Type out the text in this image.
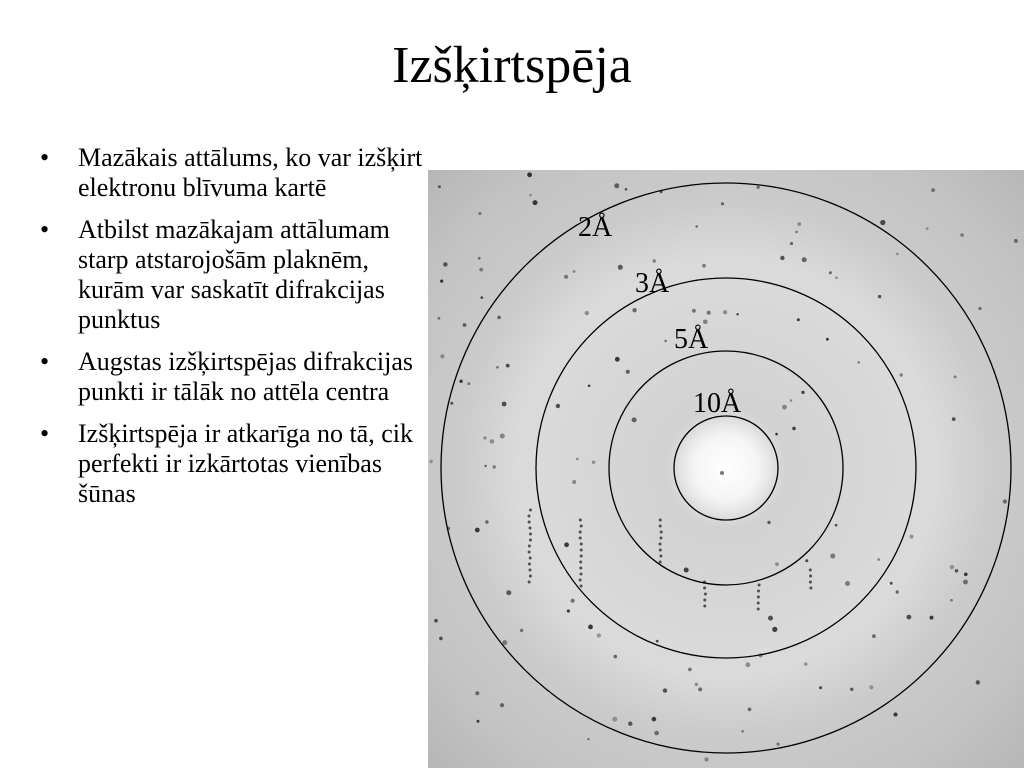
Izšķirtspēja
•	Mazākais attālums, ko var izšķirt elektronu blīvuma kartē
•	Atbilst mazākajam attālumam starp atstarojošām plaknēm, kurām var saskatīt difrakcijas punktus
•	Augstas izšķirtspējas difrakcijas punkti ir tālāk no attēla centra
•	Izšķirtspēja ir atkarīga no tā, cik perfekti ir izkārtotas vienības šūnas
2Å
3Å
5Å
10Å
